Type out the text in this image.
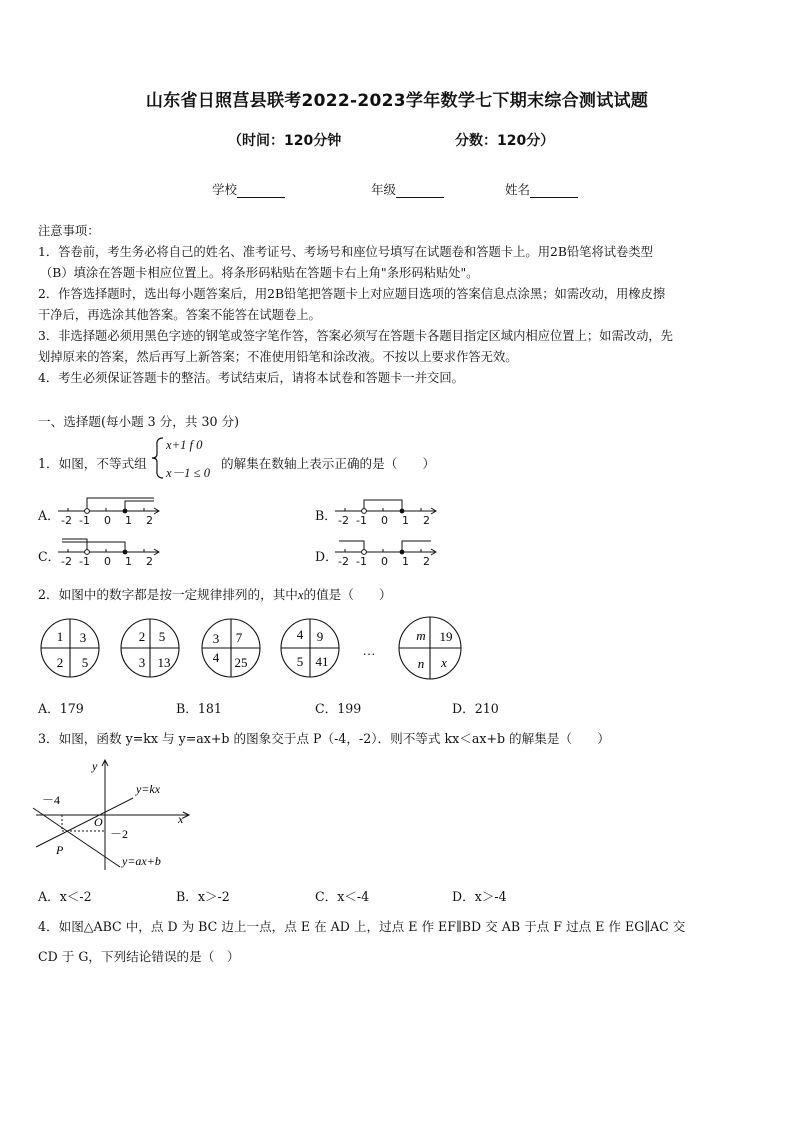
山东省日照莒县联考2022-2023学年数学七下期末综合测试试题
（时间：120分钟	分数：120分）
学校	年级	姓名
注意事项：
1．答卷前，考生务必将自己的姓名、准考证号、考场号和座位号填写在试题卷和答题卡上。用2B铅笔将试卷类型
（B）填涂在答题卡相应位置上。将条形码粘贴在答题卡右上角"条形码粘贴处"。
2．作答选择题时，选出每小题答案后，用2B铅笔把答题卡上对应题目选项的答案信息点涂黑；如需改动，用橡皮擦
干净后，再选涂其他答案。答案不能答在试题卷上。
3．非选择题必须用黑色字迹的钢笔或签字笔作答，答案必须写在答题卡各题目指定区域内相应位置上；如需改动，先
划掉原来的答案，然后再写上新答案；不准使用铅笔和涂改液。不按以上要求作答无效。
4．考生必须保证答题卡的整洁。考试结束后，请将本试卷和答题卡一并交回。
一、选择题(每小题 3 分，共 30 分)
1．如图，不等式组
x+1 f 0
x－1 ≤ 0
的解集在数轴上表示正确的是（　　）
A． -2 -1 0 1 2	B． -2 -1 0 1 2
C． -2 -1 0 1 2	D． -2 -1 0 1 2
2．如图中的数字都是按一定规律排列的，其中x的值是（　　）
1 3
2 5
2 5
3 13
3 7
4 25
4 9
5 41
m 19
n x
…
A．179	B．181	C．199	D．210
3．如图，函数 y=kx 与 y=ax+b 的图象交于点 P（-4，-2）．则不等式 kx＜ax+b 的解集是（　　）
y
x
O
P
y=kx
y=ax+b
－4
－2
A．x＜-2	B．x＞-2	C．x＜-4	D．x＞-4
4．如图△ABC 中，点 D 为 BC 边上一点，点 E 在 AD 上，过点 E 作 EF∥BD 交 AB 于点 F 过点 E 作 EG∥AC 交
CD 于 G，下列结论错误的是（　）
